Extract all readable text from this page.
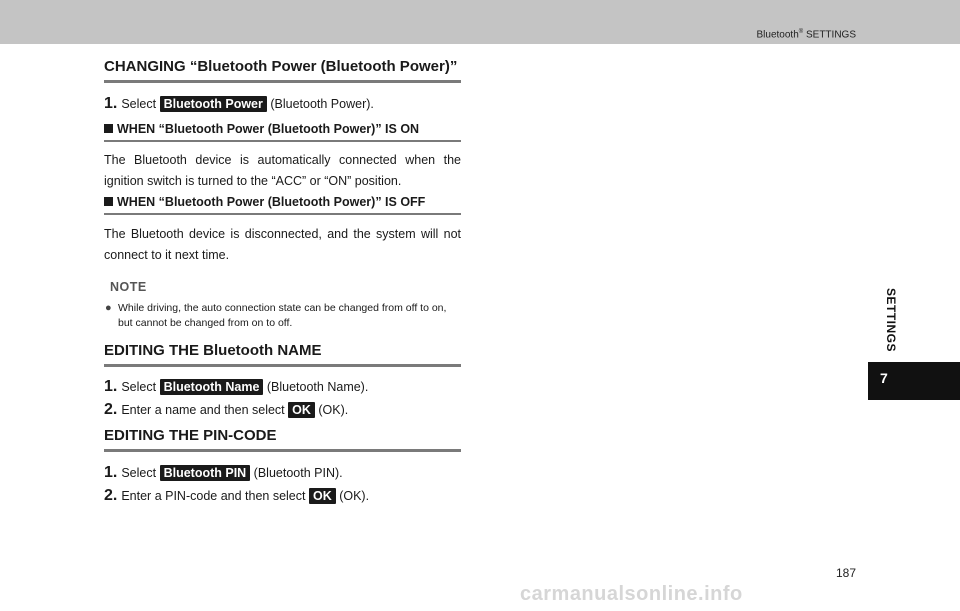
Bluetooth® SETTINGS
CHANGING “Bluetooth Power (Bluetooth Power)”
1. Select Bluetooth Power (Bluetooth Power).
WHEN “Bluetooth Power (Bluetooth Power)” IS ON
The Bluetooth device is automatically connected when the ignition switch is turned to the “ACC” or “ON” position.
WHEN “Bluetooth Power (Bluetooth Power)” IS OFF
The Bluetooth device is disconnected, and the system will not connect to it next time.
NOTE
● While driving, the auto connection state can be changed from off to on, but cannot be changed from on to off.
EDITING THE Bluetooth NAME
1. Select Bluetooth Name (Bluetooth Name).
2. Enter a name and then select OK (OK).
EDITING THE PIN-CODE
1. Select Bluetooth PIN (Bluetooth PIN).
2. Enter a PIN-code and then select OK (OK).
SETTINGS
7
187
carmanualsonline.info
